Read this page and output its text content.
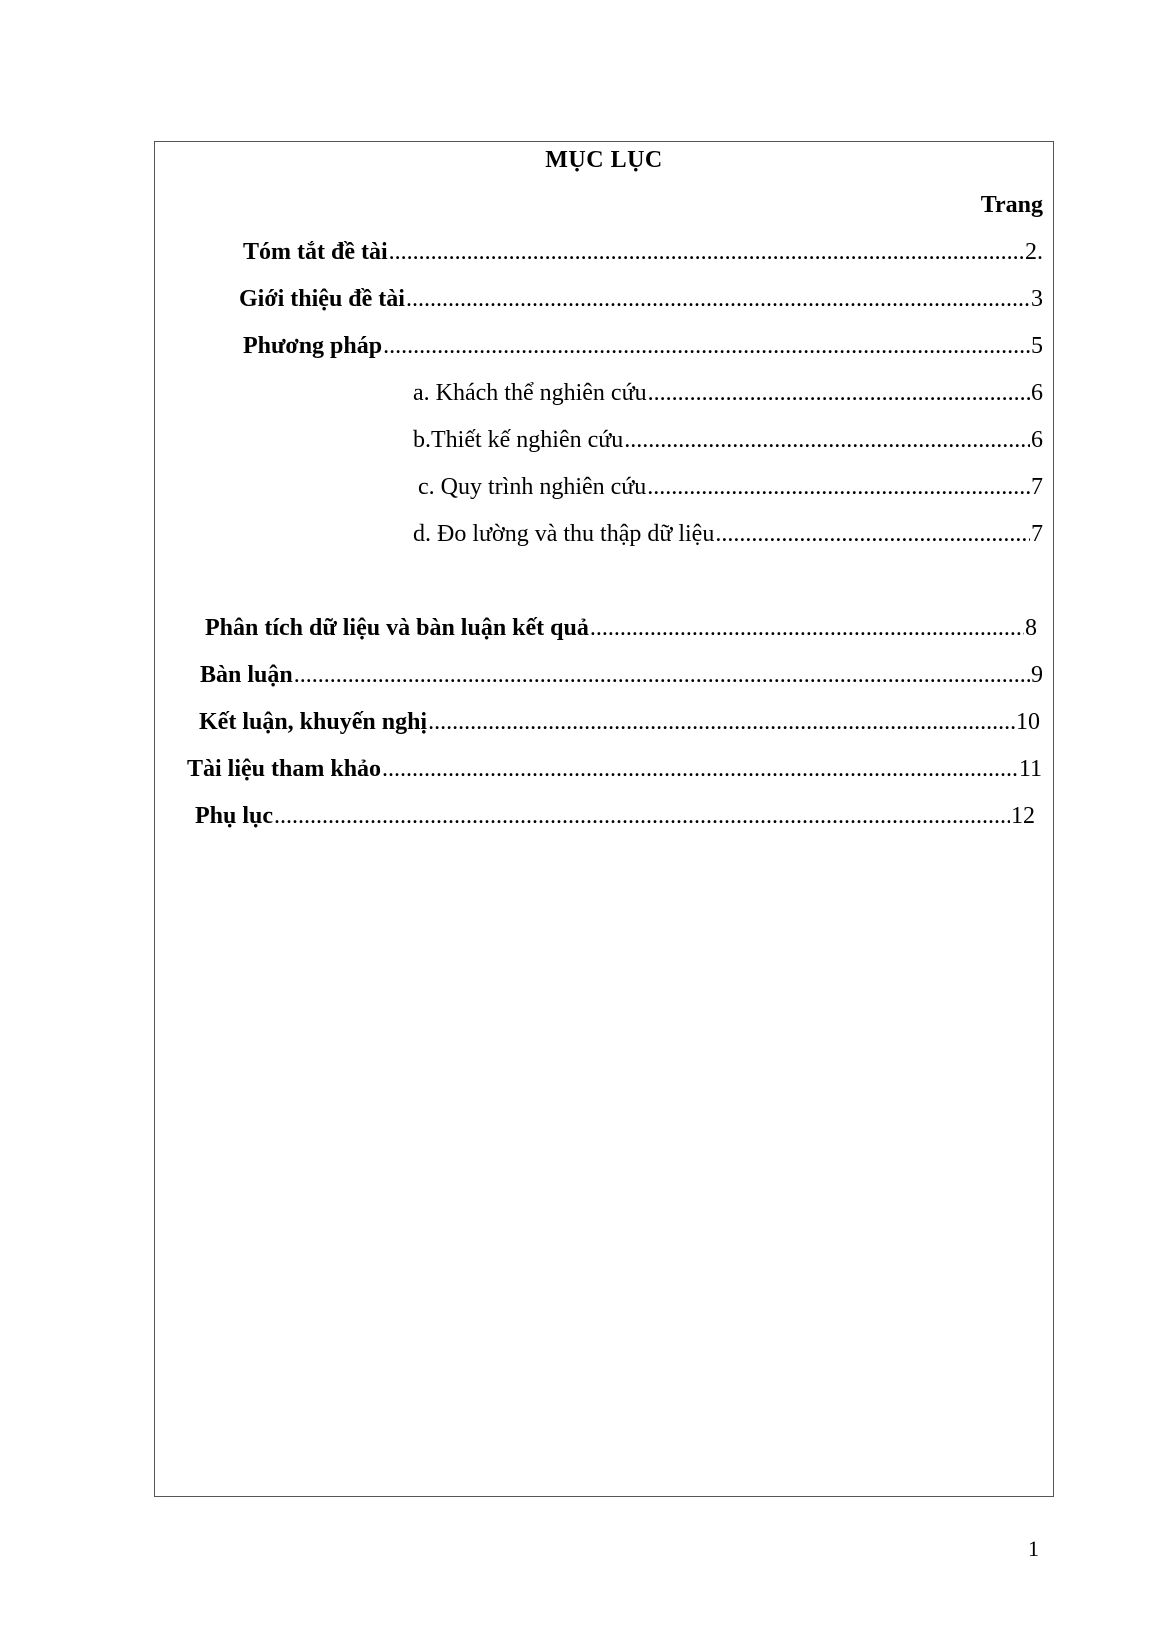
MỤC LỤC
Trang
Tóm tắt đề tài .....	2.
Giới thiệu đề tài .....	3
Phương pháp .....	5
a. Khách thể nghiên cứu .....	6
b.Thiết kế nghiên cứu .....	6
c. Quy trình nghiên cứu .....	7
d. Đo lường và thu thập dữ liệu .....	7
Phân tích dữ liệu và bàn luận kết quả .....	8
Bàn luận .....	9
Kết luận, khuyến nghị .....	10
Tài liệu tham khảo .....	11
Phụ lục .....	12
1
